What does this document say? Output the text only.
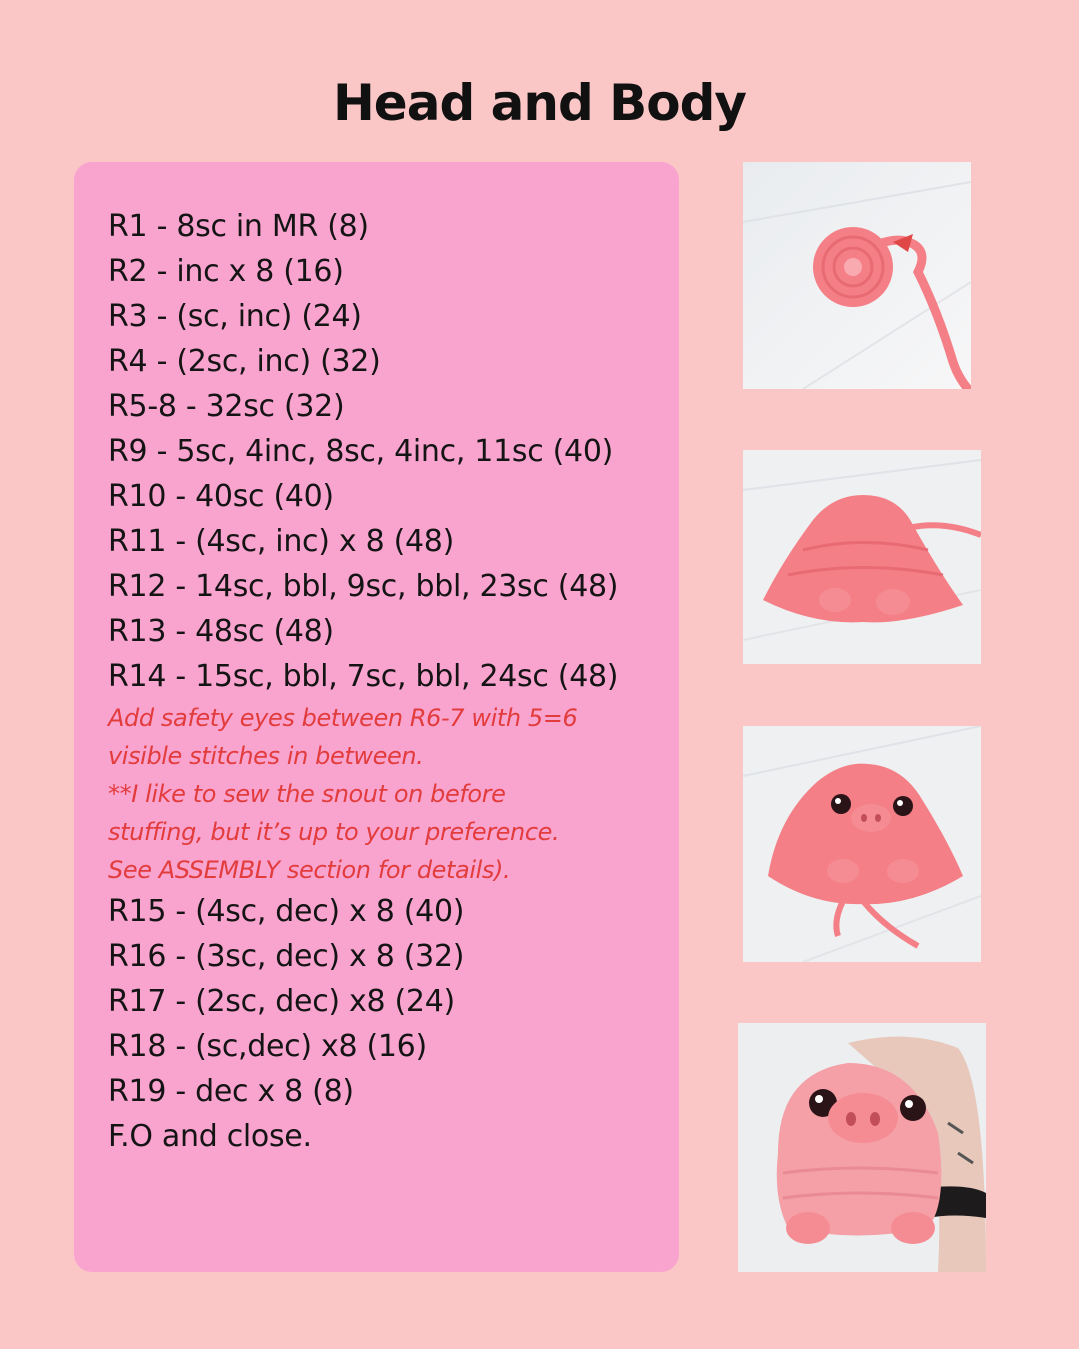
Head and Body
R1 - 8sc in MR (8)
R2 - inc x 8 (16)
R3 - (sc, inc) (24)
R4 - (2sc, inc) (32)
R5-8 - 32sc (32)
R9 - 5sc, 4inc, 8sc, 4inc, 11sc (40)
R10 - 40sc (40)
R11 - (4sc, inc) x 8 (48)
R12 - 14sc, bbl, 9sc, bbl, 23sc (48)
R13 - 48sc (48)
R14 - 15sc, bbl, 7sc, bbl, 24sc (48)
Add safety eyes between R6-7 with 5=6
visible stitches in between.
**I like to sew the snout on before
stuffing, but it’s up to your preference.
See ASSEMBLY section for details).
R15 - (4sc, dec) x 8 (40)
R16 - (3sc, dec) x 8 (32)
R17 - (2sc, dec) x8 (24)
R18 - (sc,dec) x8 (16)
R19 - dec x 8 (8)
F.O and close.
